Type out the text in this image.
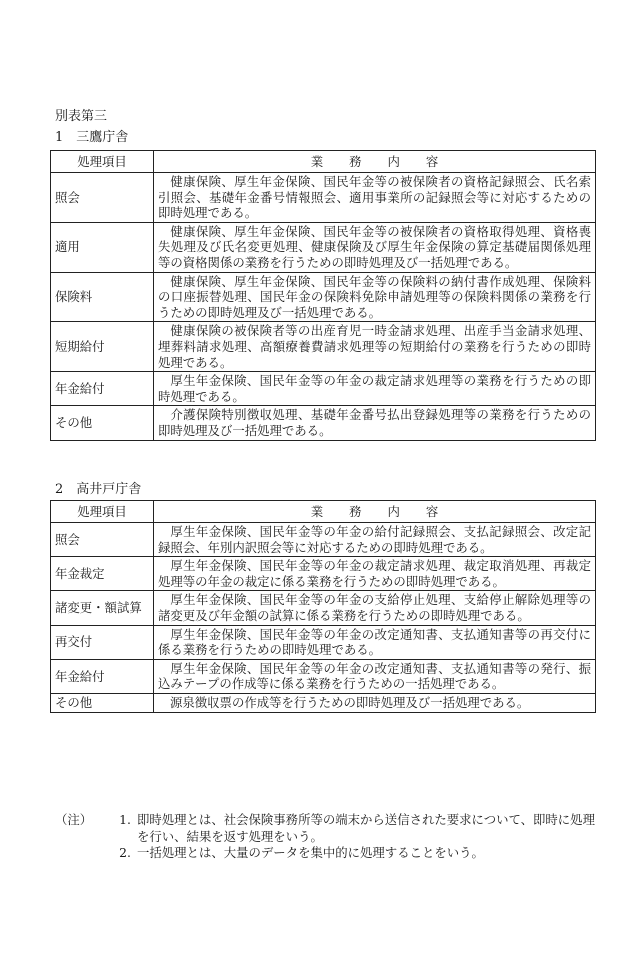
別表第三
1　三鷹庁舎
処理項目	業務内容
照会	健康保険、厚生年金保険、国民年金等の被保険者の資格記録照会、氏名索引照会、基礎年金番号情報照会、適用事業所の記録照会等に対応するための即時処理である。
適用	健康保険、厚生年金保険、国民年金等の被保険者の資格取得処理、資格喪失処理及び氏名変更処理、健康保険及び厚生年金保険の算定基礎届関係処理等の資格関係の業務を行うための即時処理及び一括処理である。
保険料	健康保険、厚生年金保険、国民年金等の保険料の納付書作成処理、保険料の口座振替処理、国民年金の保険料免除申請処理等の保険料関係の業務を行うための即時処理及び一括処理である。
短期給付	健康保険の被保険者等の出産育児一時金請求処理、出産手当金請求処理、埋葬料請求処理、高額療養費請求処理等の短期給付の業務を行うための即時処理である。
年金給付	厚生年金保険、国民年金等の年金の裁定請求処理等の業務を行うための即時処理である。
その他	介護保険特別徴収処理、基礎年金番号払出登録処理等の業務を行うための即時処理及び一括処理である。
2　高井戸庁舎
処理項目	業務内容
照会	厚生年金保険、国民年金等の年金の給付記録照会、支払記録照会、改定記録照会、年別内訳照会等に対応するための即時処理である。
年金裁定	厚生年金保険、国民年金等の年金の裁定請求処理、裁定取消処理、再裁定処理等の年金の裁定に係る業務を行うための即時処理である。
諸変更・額試算	厚生年金保険、国民年金等の年金の支給停止処理、支給停止解除処理等の諸変更及び年金額の試算に係る業務を行うための即時処理である。
再交付	厚生年金保険、国民年金等の年金の改定通知書、支払通知書等の再交付に係る業務を行うための即時処理である。
年金給付	厚生年金保険、国民年金等の年金の改定通知書、支払通知書等の発行、振込みテープの作成等に係る業務を行うための一括処理である。
その他	源泉徴収票の作成等を行うための即時処理及び一括処理である。
（注）	1. 即時処理とは、社会保険事務所等の端末から送信された要求について、即時に処理を行い、結果を返す処理をいう。
2. 一括処理とは、大量のデータを集中的に処理することをいう。
